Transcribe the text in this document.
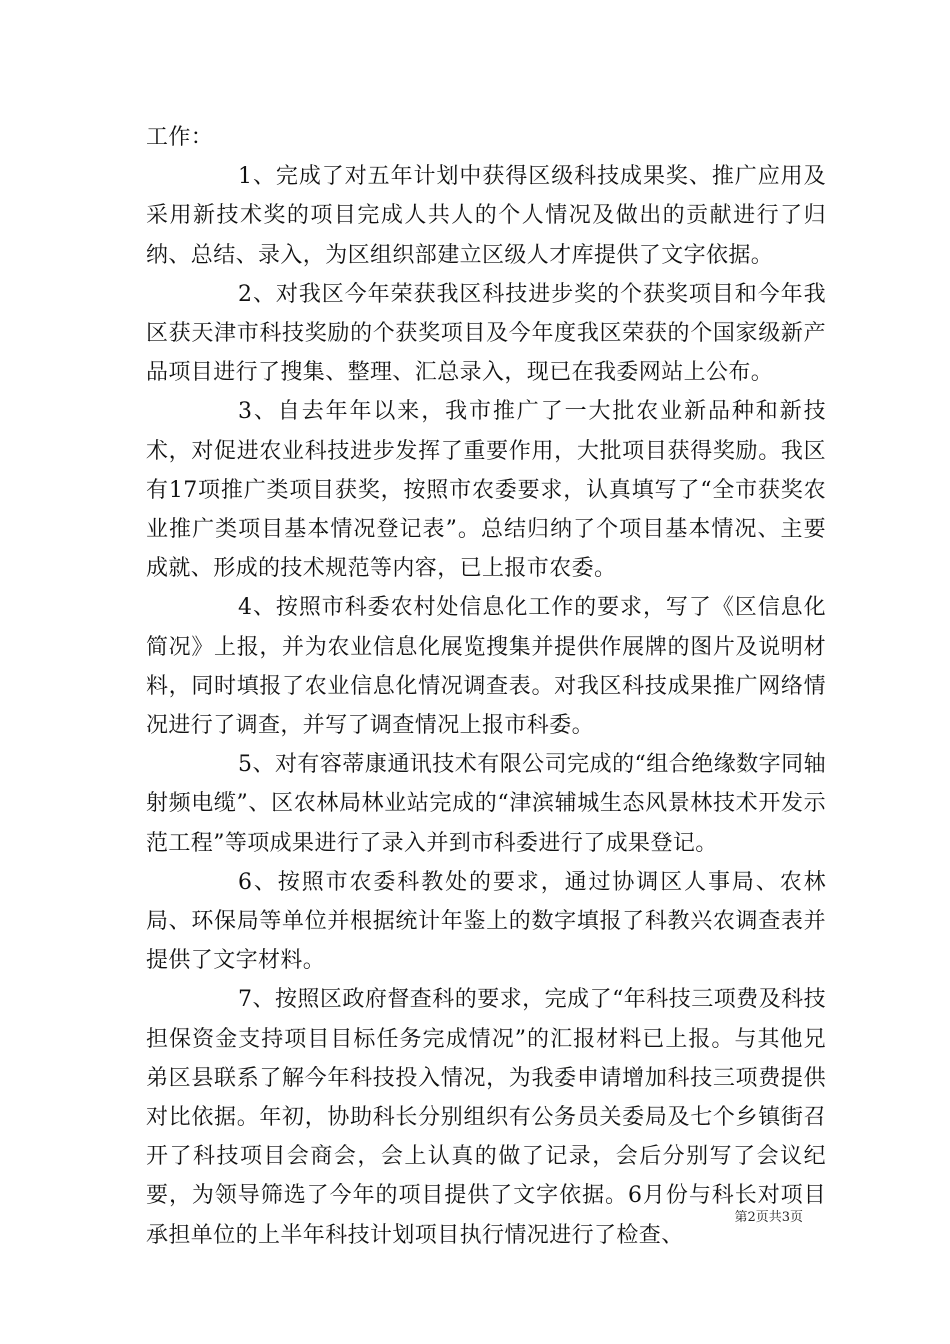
工作：

1、完成了对五年计划中获得区级科技成果奖、推广应用及采用新技术奖的项目完成人共人的个人情况及做出的贡献进行了归纳、总结、录入，为区组织部建立区级人才库提供了文字依据。

2、对我区今年荣获我区科技进步奖的个获奖项目和今年我区获天津市科技奖励的个获奖项目及今年度我区荣获的个国家级新产品项目进行了搜集、整理、汇总录入，现已在我委网站上公布。

3、自去年年以来，我市推广了一大批农业新品种和新技术，对促进农业科技进步发挥了重要作用，大批项目获得奖励。我区有17项推广类项目获奖，按照市农委要求，认真填写了“全市获奖农业推广类项目基本情况登记表”。总结归纳了个项目基本情况、主要成就、形成的技术规范等内容，已上报市农委。

4、按照市科委农村处信息化工作的要求，写了《区信息化简况》上报，并为农业信息化展览搜集并提供作展牌的图片及说明材料，同时填报了农业信息化情况调查表。对我区科技成果推广网络情况进行了调查，并写了调查情况上报市科委。

5、对有容蒂康通讯技术有限公司完成的“组合绝缘数字同轴射频电缆”、区农林局林业站完成的“津滨辅城生态风景林技术开发示范工程”等项成果进行了录入并到市科委进行了成果登记。

6、按照市农委科教处的要求，通过协调区人事局、农林局、环保局等单位并根据统计年鉴上的数字填报了科教兴农调查表并提供了文字材料。

7、按照区政府督查科的要求，完成了“年科技三项费及科技担保资金支持项目目标任务完成情况”的汇报材料已上报。与其他兄弟区县联系了解今年科技投入情况，为我委申请增加科技三项费提供对比依据。年初，协助科长分别组织有公务员关委局及七个乡镇街召开了科技项目会商会，会上认真的做了记录，会后分别写了会议纪要，为领导筛选了今年的项目提供了文字依据。6月份与科长对项目承担单位的上半年科技计划项目执行情况进行了检查、

第2页共3页
